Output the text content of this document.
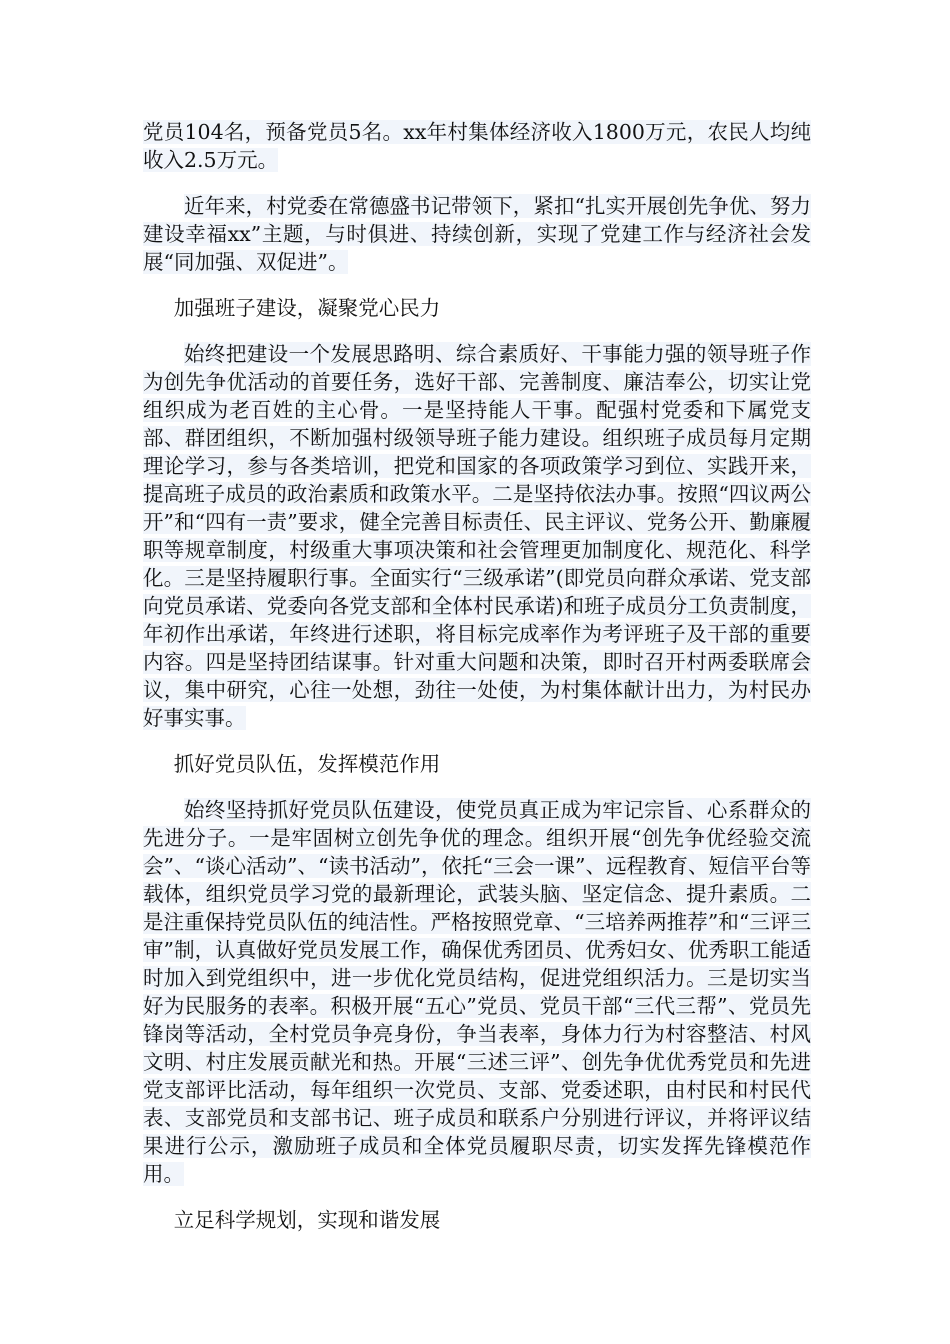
党员104名，预备党员5名。xx年村集体经济收入1800万元，农民人均纯收入2.5万元。

近年来，村党委在常德盛书记带领下，紧扣“扎实开展创先争优、努力建设幸福xx”主题，与时俱进、持续创新，实现了党建工作与经济社会发展“同加强、双促进”。

加强班子建设，凝聚党心民力

始终把建设一个发展思路明、综合素质好、干事能力强的领导班子作为创先争优活动的首要任务，选好干部、完善制度、廉洁奉公，切实让党组织成为老百姓的主心骨。一是坚持能人干事。配强村党委和下属党支部、群团组织，不断加强村级领导班子能力建设。组织班子成员每月定期理论学习，参与各类培训，把党和国家的各项政策学习到位、实践开来，提高班子成员的政治素质和政策水平。二是坚持依法办事。按照“四议两公开”和“四有一责”要求，健全完善目标责任、民主评议、党务公开、勤廉履职等规章制度，村级重大事项决策和社会管理更加制度化、规范化、科学化。三是坚持履职行事。全面实行“三级承诺”(即党员向群众承诺、党支部向党员承诺、党委向各党支部和全体村民承诺)和班子成员分工负责制度，年初作出承诺，年终进行述职，将目标完成率作为考评班子及干部的重要内容。四是坚持团结谋事。针对重大问题和决策，即时召开村两委联席会议，集中研究，心往一处想，劲往一处使，为村集体献计出力，为村民办好事实事。

抓好党员队伍，发挥模范作用

始终坚持抓好党员队伍建设，使党员真正成为牢记宗旨、心系群众的先进分子。一是牢固树立创先争优的理念。组织开展“创先争优经验交流会”、“谈心活动”、“读书活动”，依托“三会一课”、远程教育、短信平台等载体，组织党员学习党的最新理论，武装头脑、坚定信念、提升素质。二是注重保持党员队伍的纯洁性。严格按照党章、“三培养两推荐”和“三评三审”制，认真做好党员发展工作，确保优秀团员、优秀妇女、优秀职工能适时加入到党组织中，进一步优化党员结构，促进党组织活力。三是切实当好为民服务的表率。积极开展“五心”党员、党员干部“三代三帮”、党员先锋岗等活动，全村党员争亮身份，争当表率，身体力行为村容整洁、村风文明、村庄发展贡献光和热。开展“三述三评”、创先争优优秀党员和先进党支部评比活动，每年组织一次党员、支部、党委述职，由村民和村民代表、支部党员和支部书记、班子成员和联系户分别进行评议，并将评议结果进行公示，激励班子成员和全体党员履职尽责，切实发挥先锋模范作用。

立足科学规划，实现和谐发展
